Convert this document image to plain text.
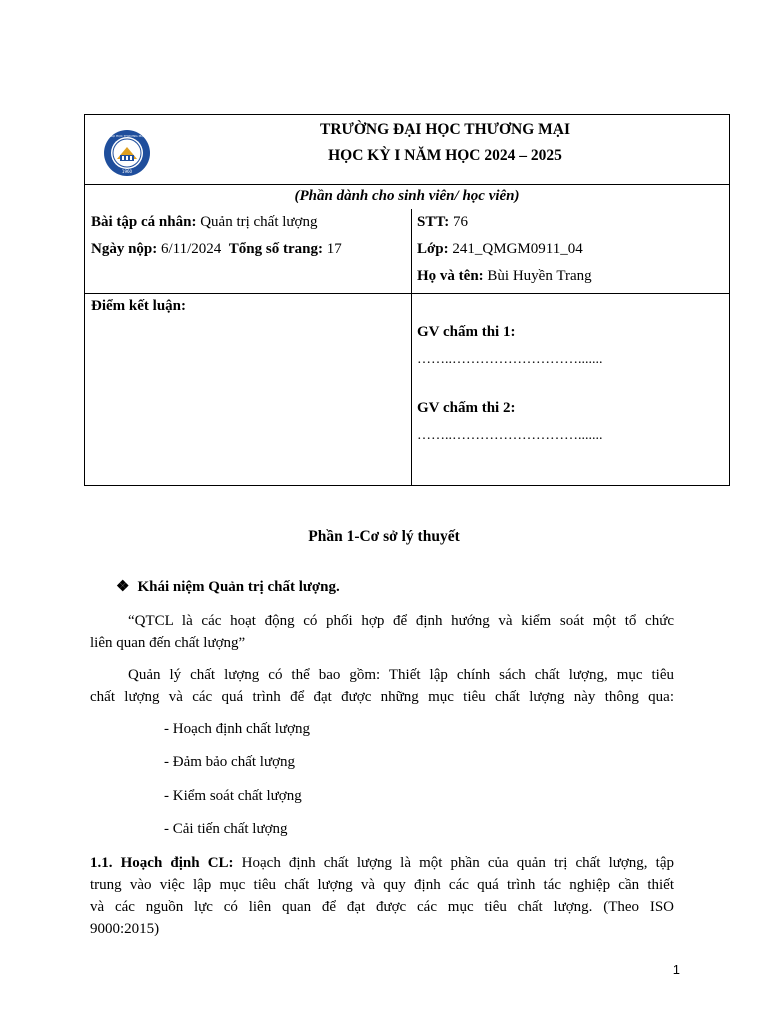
1960
ĐẠI HỌC THƯƠNG MẠI	TRƯỜNG ĐẠI HỌC THƯƠNG MẠI
HỌC KỲ I NĂM HỌC 2024 – 2025
(Phần dành cho sinh viên/ học viên)
Bài tập cá nhân: Quản trị chất lượng
Ngày nộp: 6/11/2024 Tổng số trang: 17
STT: 76
Lớp: 241_QMGM0911_04
Họ và tên: Bùi Huyền Trang
Điểm kết luận:
GV chấm thi 1:
……..……………………….......
GV chấm thi 2:
……..……………………….......
Phần 1-Cơ sở lý thuyết
❖ Khái niệm Quản trị chất lượng.
“QTCL là các hoạt động có phối hợp để định hướng và kiểm soát một tổ chức
liên quan đến chất lượng”
Quản lý chất lượng có thể bao gồm: Thiết lập chính sách chất lượng, mục tiêu
chất lượng và các quá trình để đạt được những mục tiêu chất lượng này thông qua:
- Hoạch định chất lượng
- Đảm bảo chất lượng
- Kiểm soát chất lượng
- Cải tiến chất lượng
1.1. Hoạch định CL: Hoạch định chất lượng là một phần của quản trị chất lượng, tập
trung vào việc lập mục tiêu chất lượng và quy định các quá trình tác nghiệp cần thiết
và các nguồn lực có liên quan để đạt được các mục tiêu chất lượng. (Theo ISO
9000:2015)
1
